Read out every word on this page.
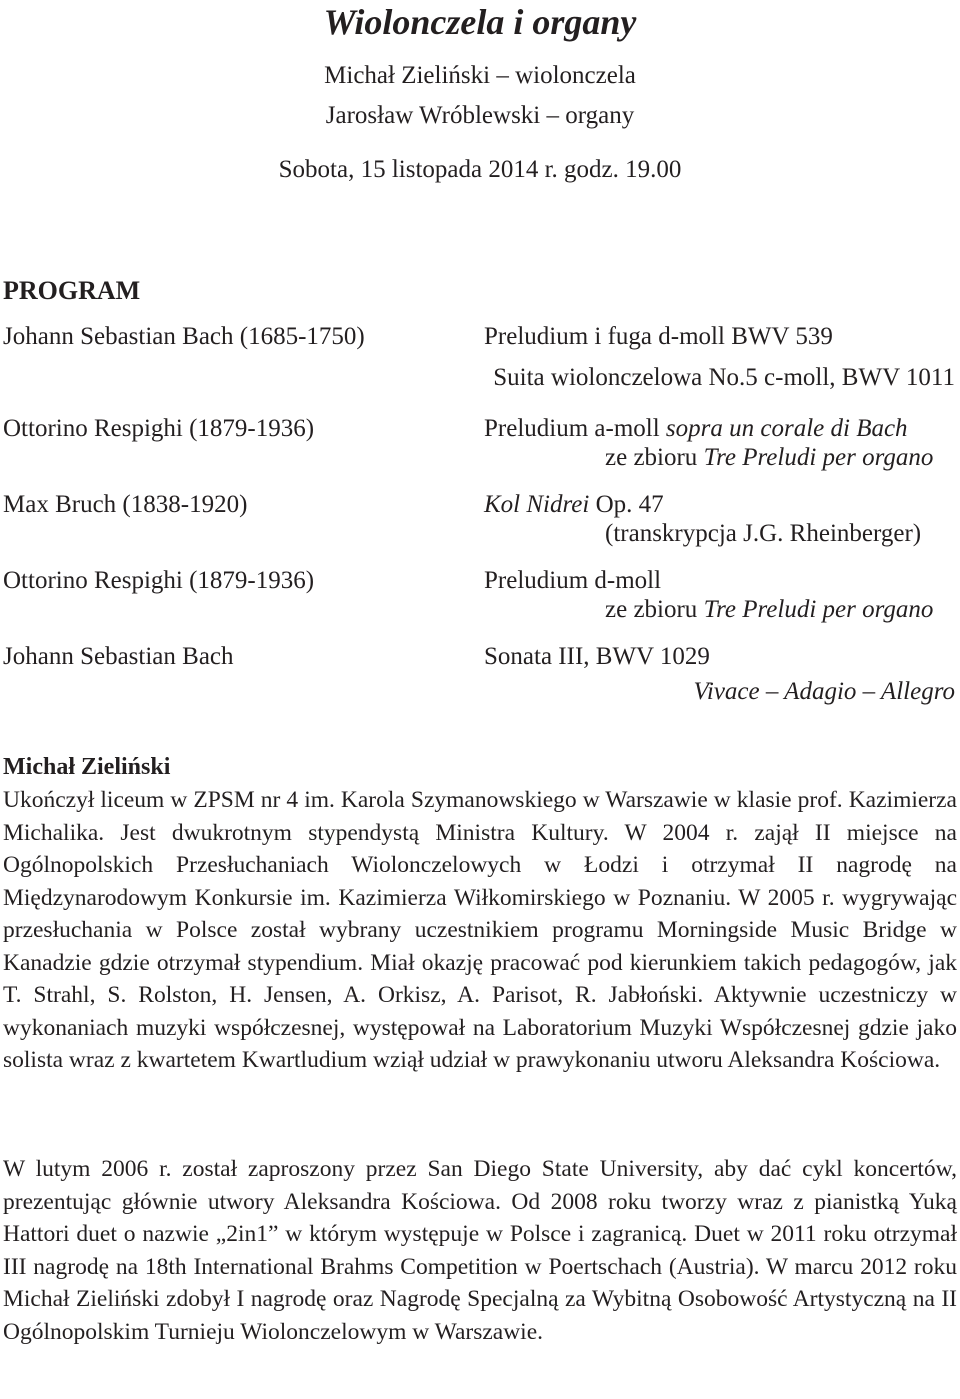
Wiolonczela i organy
Michał Zieliński – wiolonczela
Jarosław Wróblewski – organy
Sobota, 15 listopada 2014 r. godz. 19.00
PROGRAM
Johann Sebastian Bach (1685-1750)	Preludium i fuga d-moll BWV 539
Suita wiolonczelowa No.5 c-moll, BWV 1011
Ottorino Respighi (1879-1936)	Preludium a-moll sopra un corale di Bach
ze zbioru Tre Preludi per organo
Max Bruch (1838-1920)	Kol Nidrei Op. 47
(transkrypcja J.G. Rheinberger)
Ottorino Respighi (1879-1936)	Preludium d-moll
ze zbioru Tre Preludi per organo
Johann Sebastian Bach	Sonata III, BWV 1029
Vivace – Adagio – Allegro
Michał Zieliński

Ukończył liceum w ZPSM nr 4 im. Karola Szymanowskiego w Warszawie w klasie prof. Kazimierza Michalika. Jest dwukrotnym stypendystą Ministra Kultury. W 2004 r. zajął II miejsce na Ogólnopolskich Przesłuchaniach Wiolonczelowych w Łodzi i otrzymał II nagrodę na Międzynarodowym Konkursie im. Kazimierza Wiłkomirskiego w Poznaniu. W 2005 r. wygrywając przesłuchania w Polsce został wybrany uczestnikiem programu Morningside Music Bridge w Kanadzie gdzie otrzymał stypendium. Miał okazję pracować pod kierunkiem takich pedagogów, jak T. Strahl, S. Rolston, H. Jensen, A. Orkisz, A. Parisot, R. Jabłoński. Aktywnie uczestniczy w wykonaniach muzyki współczesnej, występował na Laboratorium Muzyki Współczesnej gdzie jako solista wraz z kwartetem Kwartludium wziął udział w prawykonaniu utworu Aleksandra Kościowa.

W lutym 2006 r. został zaproszony przez San Diego State University, aby dać cykl koncertów, prezentując głównie utwory Aleksandra Kościowa. Od 2008 roku tworzy wraz z pianistką Yuką Hattori duet o nazwie „2in1” w którym występuje w Polsce i zagranicą. Duet w 2011 roku otrzymał III nagrodę na 18th International Brahms Competition w Poertschach (Austria). W marcu 2012 roku Michał Zieliński zdobył I nagrodę oraz Nagrodę Specjalną za Wybitną Osobowość Artystyczną na II Ogólnopolskim Turnieju Wiolonczelowym w Warszawie.
